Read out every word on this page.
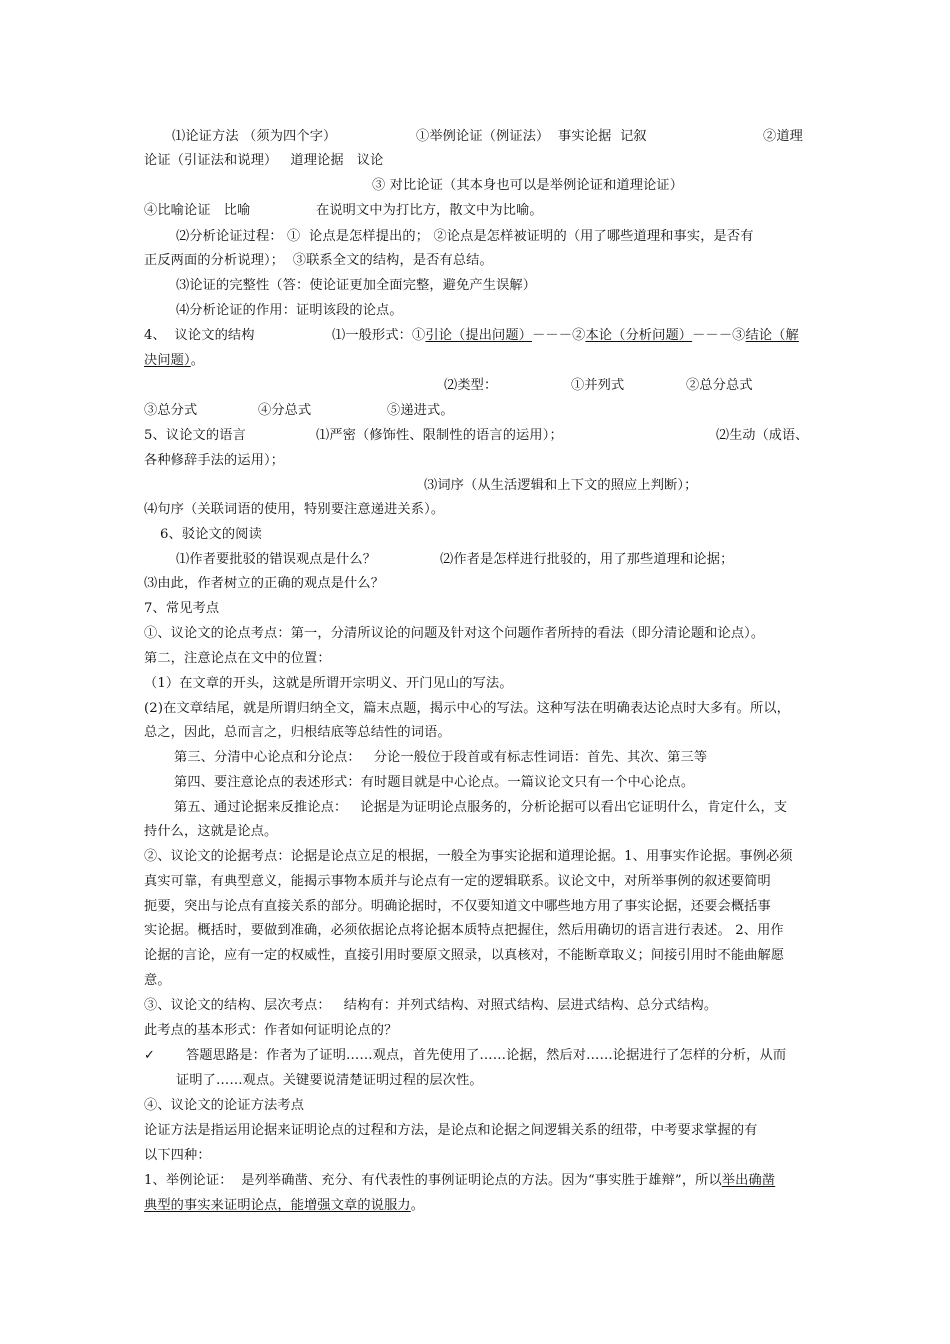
⑴论证方法 （须为四个字）	①举例论证（例证法）  事实论据  记叙	②道理
论证（引证法和说理）   道理论据   议论
③ 对比论证（其本身也可以是举例论证和道理论证）
④比喻论证   比喻	在说明文中为打比方，散文中为比喻。
⑵分析论证过程： ①  论点是怎样提出的； ②论点是怎样被证明的（用了哪些道理和事实，是否有
正反两面的分析说理）；  ③联系全文的结构，是否有总结。
⑶论证的完整性（答：使论证更加全面完整，避免产生误解）
⑷分析论证的作用：证明该段的论点。
4、  议论文的结构	⑴一般形式：①引论（提出问题）－－－②本论（分析问题）－－－③结论（解
决问题）。
⑵类型：	①并列式	②总分总式
③总分式	④分总式	⑤递进式。
5、议论文的语言	⑴严密（修饰性、限制性的语言的运用）；	⑵生动（成语、
各种修辞手法的运用）；
⑶词序（从生活逻辑和上下文的照应上判断）；
⑷句序（关联词语的使用，特别要注意递进关系）。
6、驳论文的阅读
⑴作者要批驳的错误观点是什么？	⑵作者是怎样进行批驳的，用了那些道理和论据；
⑶由此，作者树立的正确的观点是什么？
7、常见考点
①、议论文的论点考点：第一，分清所议论的问题及针对这个问题作者所持的看法（即分清论题和论点）。
第二，注意论点在文中的位置：
（1）在文章的开头，这就是所谓开宗明义、开门见山的写法。
(2)在文章结尾，就是所谓归纳全文，篇末点题，揭示中心的写法。这种写法在明确表达论点时大多有。所以，
总之，因此，总而言之，归根结底等总结性的词语。
第三、分清中心论点和分论点：   分论一般位于段首或有标志性词语：首先、其次、第三等
第四、要注意论点的表述形式：有时题目就是中心论点。一篇议论文只有一个中心论点。
第五、通过论据来反推论点：   论据是为证明论点服务的，分析论据可以看出它证明什么，肯定什么，支
持什么，这就是论点。
②、议论文的论据考点：论据是论点立足的根据，一般全为事实论据和道理论据。1、用事实作论据。事例必须
真实可靠，有典型意义，能揭示事物本质并与论点有一定的逻辑联系。议论文中，对所举事例的叙述要简明
扼要，突出与论点有直接关系的部分。明确论据时，不仅要知道文中哪些地方用了事实论据，还要会概括事
实论据。概括时，要做到准确，必须依据论点将论据本质特点把握住，然后用确切的语言进行表述。 2、用作
论据的言论，应有一定的权威性，直接引用时要原文照录，以真核对，不能断章取义；间接引用时不能曲解愿
意。
③、议论文的结构、层次考点：   结构有：并列式结构、对照式结构、层进式结构、总分式结构。
此考点的基本形式：作者如何证明论点的？
✓ 答题思路是：作者为了证明……观点，首先使用了……论据，然后对……论据进行了怎样的分析，从而
证明了……观点。关键要说清楚证明过程的层次性。
④、议论文的论证方法考点
论证方法是指运用论据来证明论点的过程和方法，是论点和论据之间逻辑关系的纽带，中考要求掌握的有
以下四种：
1、举例论证：  是列举确凿、充分、有代表性的事例证明论点的方法。因为“事实胜于雄辩”，所以举出确凿
典型的事实来证明论点，能增强文章的说服力。
